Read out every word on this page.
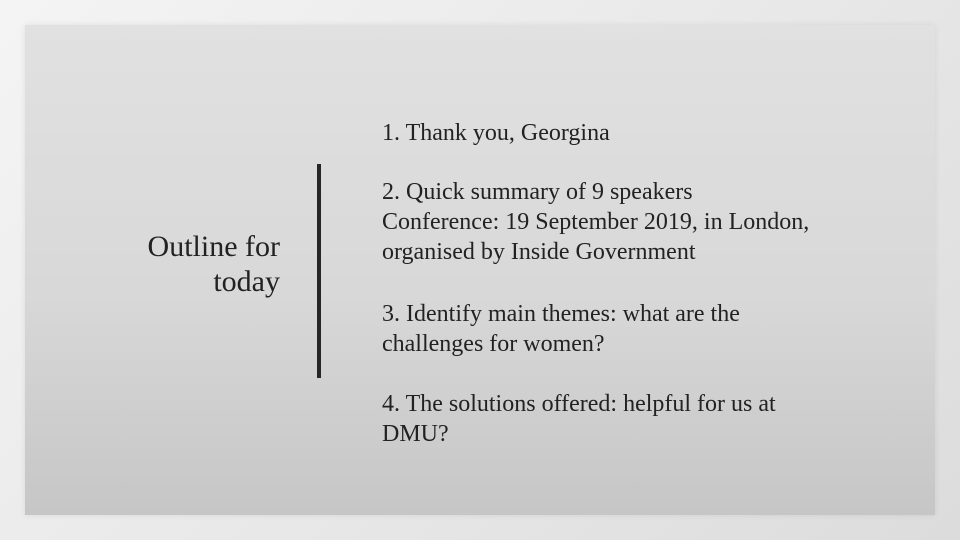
Outline for
today
1. Thank you, Georgina
2. Quick summary of 9 speakers
Conference: 19 September 2019, in London,
organised by Inside Government
3. Identify main themes: what are the
challenges for women?
4. The solutions offered: helpful for us at
DMU?
